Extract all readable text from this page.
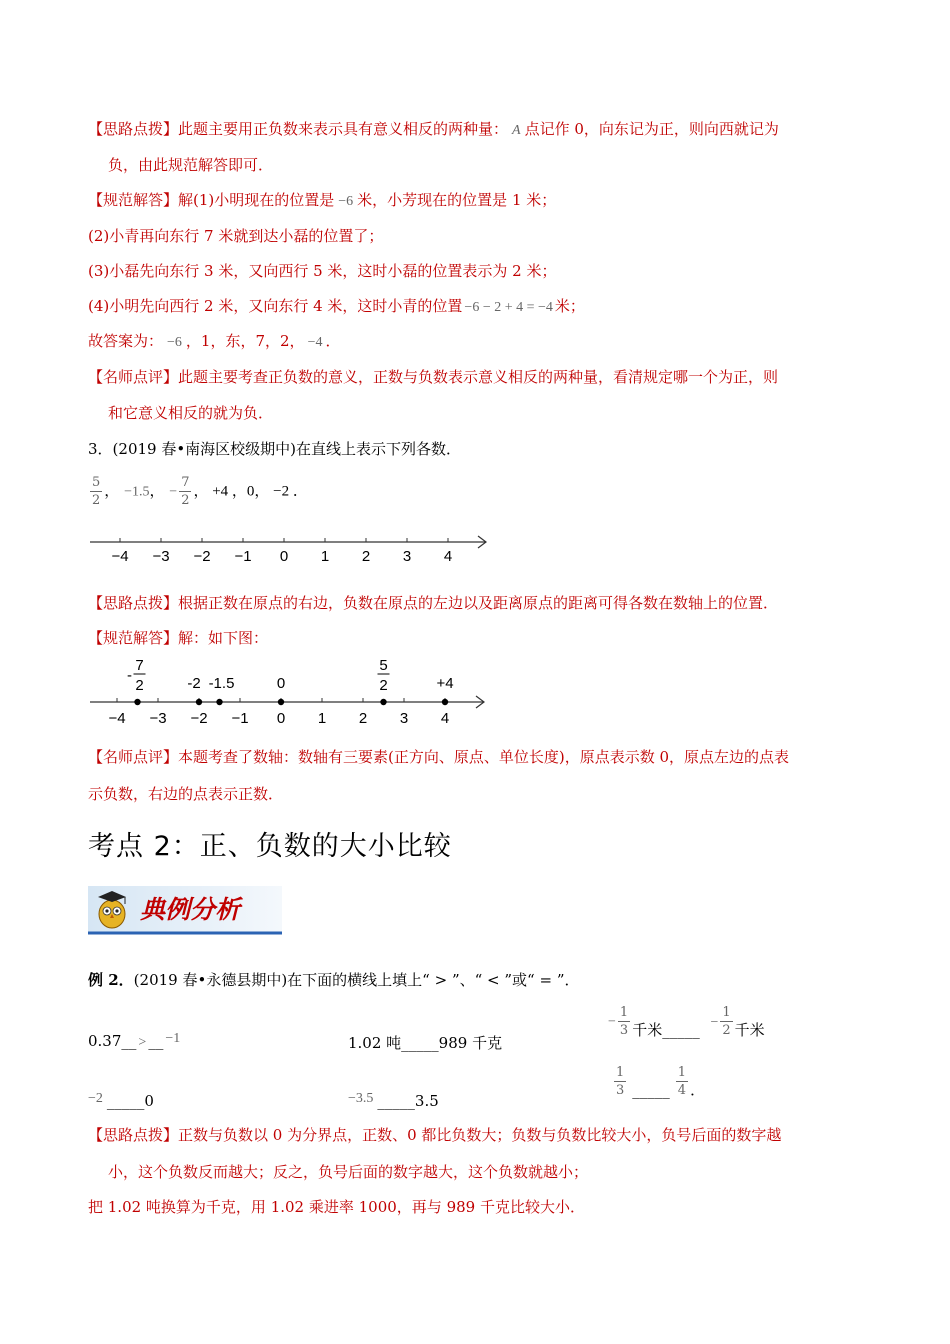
【思路点拨】此题主要用正负数来表示具有意义相反的两种量： A 点记作 0，向东记为正，则向西就记为
负，由此规范解答即可．
【规范解答】解(1)小明现在的位置是 −6 米，小芳现在的位置是 1 米；
(2)小青再向东行 7 米就到达小磊的位置了；
(3)小磊先向东行 3 米，又向西行 5 米，这时小磊的位置表示为 2 米；
(4)小明先向西行 2 米，又向东行 4 米，这时小青的位置 −6 − 2 + 4 = −4 米；
故答案为： −6 ，1，东，7，2， −4 ．
【名师点评】此题主要考查正负数的意义，正数与负数表示意义相反的两种量，看清规定哪一个为正，则
和它意义相反的就为负．
3．(2019 春•南海区校级期中)在直线上表示下列各数．
$\frac{5}{2}$ ， −1.5， − $\frac{7}{2}$ ， +4 ，0， −2 ．
−4 −3 −2 −1 0 1 2 3 4
【思路点拨】根据正数在原点的右边，负数在原点的左边以及距离原点的距离可得各数在数轴上的位置．
【规范解答】解：如下图：
−4 −3 −2 −1 0 1 2 3 4
7
2
-	-2 -1.5	0
5
2	+4
【名师点评】本题考查了数轴：数轴有三要素(正方向、原点、单位长度)，原点表示数 0，原点左边的点表
示负数，右边的点表示正数．
考点 2：正、负数的大小比较
典例分析
例 2．(2019 春•永德县期中)在下面的横线上填上“ > ”、“ < ”或“ = ”．
0.37__ > __ −1	1.02 吨_____989 千克
− $\frac{1}{3}$ 千米_____ − $\frac{1}{2}$ 千米
−2 _____0	−3.5 _____3.5
$\frac{1}{3}$ _____ $\frac{1}{4}$ ．
【思路点拨】正数与负数以 0 为分界点，正数、0 都比负数大；负数与负数比较大小，负号后面的数字越
小，这个负数反而越大；反之，负号后面的数字越大，这个负数就越小；
把 1.02 吨换算为千克，用 1.02 乘进率 1000，再与 989 千克比较大小．
